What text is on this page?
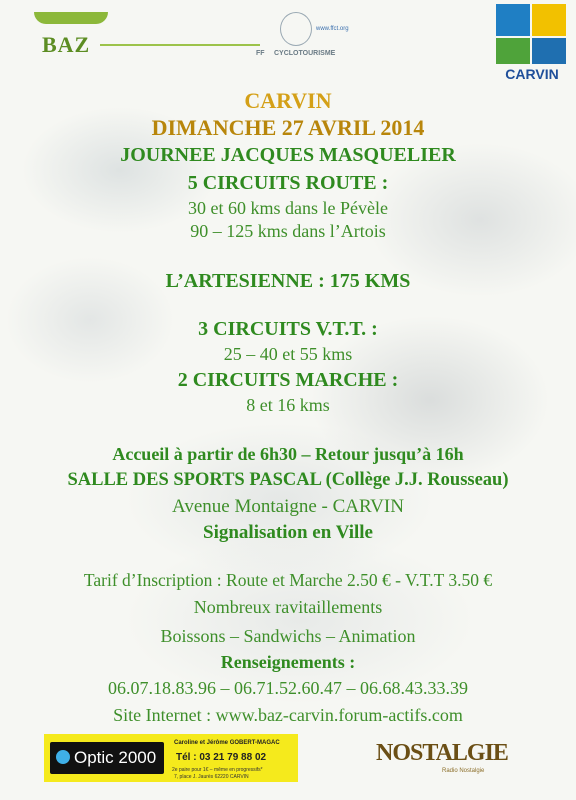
BAZ
www.ffct.org
FF CYCLOTOURISME
CARVIN
CARVIN
DIMANCHE 27 AVRIL 2014
JOURNEE JACQUES MASQUELIER
5 CIRCUITS ROUTE :
30 et 60 kms dans le Pévèle
90 – 125 kms dans l’Artois
L’ARTESIENNE : 175 KMS
3 CIRCUITS V.T.T. :
25 – 40 et 55 kms
2 CIRCUITS MARCHE :
8 et 16 kms
Accueil à partir de 6h30 – Retour jusqu’à 16h
SALLE DES SPORTS PASCAL (Collège J.J. Rousseau)
Avenue Montaigne - CARVIN
Signalisation en Ville
Tarif d’Inscription : Route et Marche 2.50 € - V.T.T 3.50 €
Nombreux ravitaillements
Boissons – Sandwichs – Animation
Renseignements :
06.07.18.83.96 – 06.71.52.60.47 – 06.68.43.33.39
Site Internet : www.baz-carvin.forum-actifs.com
Optic 2000
Caroline et Jérôme GOBERT-MAGAC
Tél : 03 21 79 88 02
2e paire pour 1€ – même en progressifs*
7, place J. Jaurès 62220 CARVIN
NOSTALGIE
Radio Nostalgie
